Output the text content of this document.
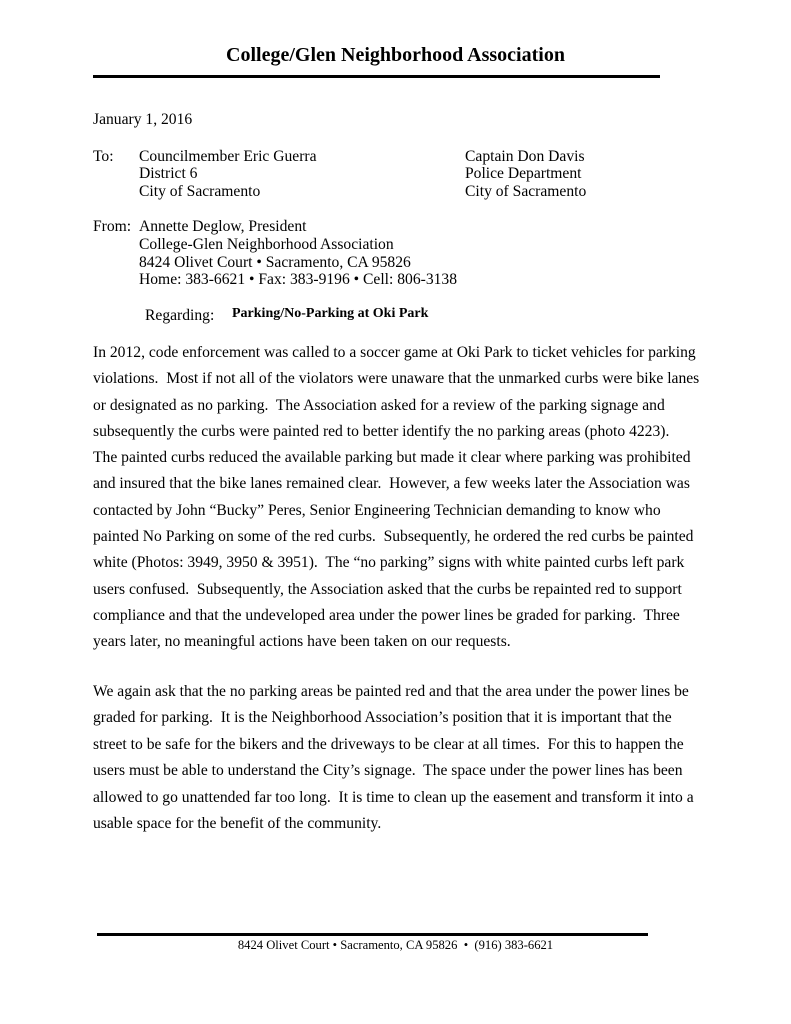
College/Glen Neighborhood Association
January 1, 2016
To: Councilmember Eric Guerra
District 6
City of Sacramento
Captain Don Davis
Police Department
City of Sacramento
From: Annette Deglow, President
College-Glen Neighborhood Association
8424 Olivet Court • Sacramento, CA 95826
Home: 383-6621 • Fax: 383-9196 • Cell: 806-3138
Regarding: Parking/No-Parking at Oki Park
In 2012, code enforcement was called to a soccer game at Oki Park to ticket vehicles for parking
violations.  Most if not all of the violators were unaware that the unmarked curbs were bike lanes
or designated as no parking.  The Association asked for a review of the parking signage and
subsequently the curbs were painted red to better identify the no parking areas (photo 4223).
The painted curbs reduced the available parking but made it clear where parking was prohibited
and insured that the bike lanes remained clear.  However, a few weeks later the Association was
contacted by John “Bucky” Peres, Senior Engineering Technician demanding to know who
painted No Parking on some of the red curbs.  Subsequently, he ordered the red curbs be painted
white (Photos: 3949, 3950 & 3951).  The “no parking” signs with white painted curbs left park
users confused.  Subsequently, the Association asked that the curbs be repainted red to support
compliance and that the undeveloped area under the power lines be graded for parking.  Three
years later, no meaningful actions have been taken on our requests.
We again ask that the no parking areas be painted red and that the area under the power lines be
graded for parking.  It is the Neighborhood Association’s position that it is important that the
street to be safe for the bikers and the driveways to be clear at all times.  For this to happen the
users must be able to understand the City’s signage.  The space under the power lines has been
allowed to go unattended far too long.  It is time to clean up the easement and transform it into a
usable space for the benefit of the community.
8424 Olivet Court • Sacramento, CA 95826  •  (916) 383-6621
